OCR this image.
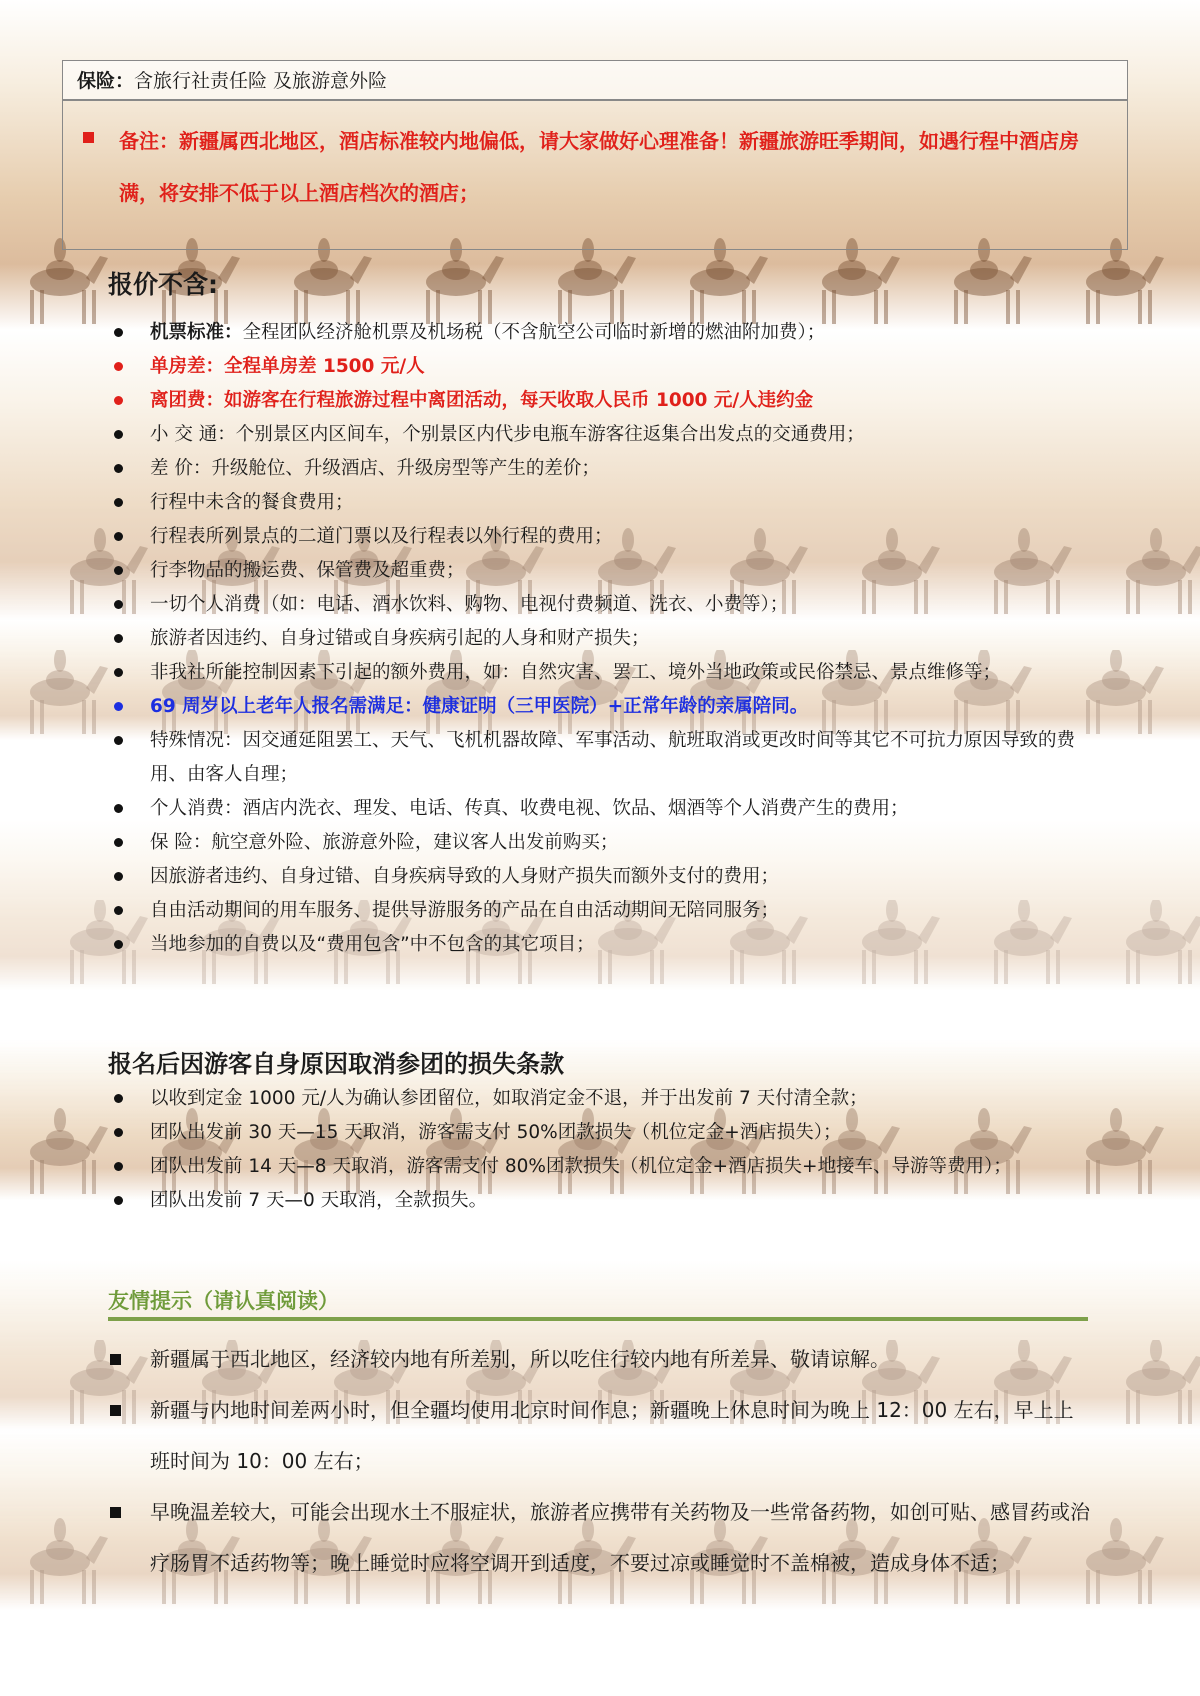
保险：含旅行社责任险 及旅游意外险
备注：新疆属西北地区，酒店标准较内地偏低，请大家做好心理准备！新疆旅游旺季期间，如遇行程中酒店房满，将安排不低于以上酒店档次的酒店；
报价不含:
机票标准：全程团队经济舱机票及机场税（不含航空公司临时新增的燃油附加费）；
单房差：全程单房差 1500 元/人
离团费：如游客在行程旅游过程中离团活动，每天收取人民币 1000 元/人违约金
小 交 通：个别景区内区间车，个别景区内代步电瓶车游客往返集合出发点的交通费用；
差 价：升级舱位、升级酒店、升级房型等产生的差价；
行程中未含的餐食费用；
行程表所列景点的二道门票以及行程表以外行程的费用；
行李物品的搬运费、保管费及超重费；
一切个人消费（如：电话、酒水饮料、购物、电视付费频道、洗衣、小费等）；
旅游者因违约、自身过错或自身疾病引起的人身和财产损失；
非我社所能控制因素下引起的额外费用，如：自然灾害、罢工、境外当地政策或民俗禁忌、景点维修等；
69 周岁以上老年人报名需满足：健康证明（三甲医院）+正常年龄的亲属陪同。
特殊情况：因交通延阻罢工、天气、飞机机器故障、军事活动、航班取消或更改时间等其它不可抗力原因导致的费用、由客人自理；
个人消费：酒店内洗衣、理发、电话、传真、收费电视、饮品、烟酒等个人消费产生的费用；
保 险：航空意外险、旅游意外险，建议客人出发前购买；
因旅游者违约、自身过错、自身疾病导致的人身财产损失而额外支付的费用；
自由活动期间的用车服务、提供导游服务的产品在自由活动期间无陪同服务；
当地参加的自费以及“费用包含”中不包含的其它项目；
报名后因游客自身原因取消参团的损失条款
以收到定金 1000 元/人为确认参团留位，如取消定金不退，并于出发前 7 天付清全款；
团队出发前 30 天—15 天取消，游客需支付 50%团款损失（机位定金+酒店损失）；
团队出发前 14 天—8 天取消，游客需支付 80%团款损失（机位定金+酒店损失+地接车、导游等费用）；
团队出发前 7 天—0 天取消，全款损失。
友情提示（请认真阅读）
新疆属于西北地区，经济较内地有所差别，所以吃住行较内地有所差异、敬请谅解。
新疆与内地时间差两小时，但全疆均使用北京时间作息；新疆晚上休息时间为晚上 12：00 左右，早上上班时间为 10：00 左右；
早晚温差较大，可能会出现水土不服症状，旅游者应携带有关药物及一些常备药物，如创可贴、感冒药或治疗肠胃不适药物等；晚上睡觉时应将空调开到适度，不要过凉或睡觉时不盖棉被，造成身体不适；
